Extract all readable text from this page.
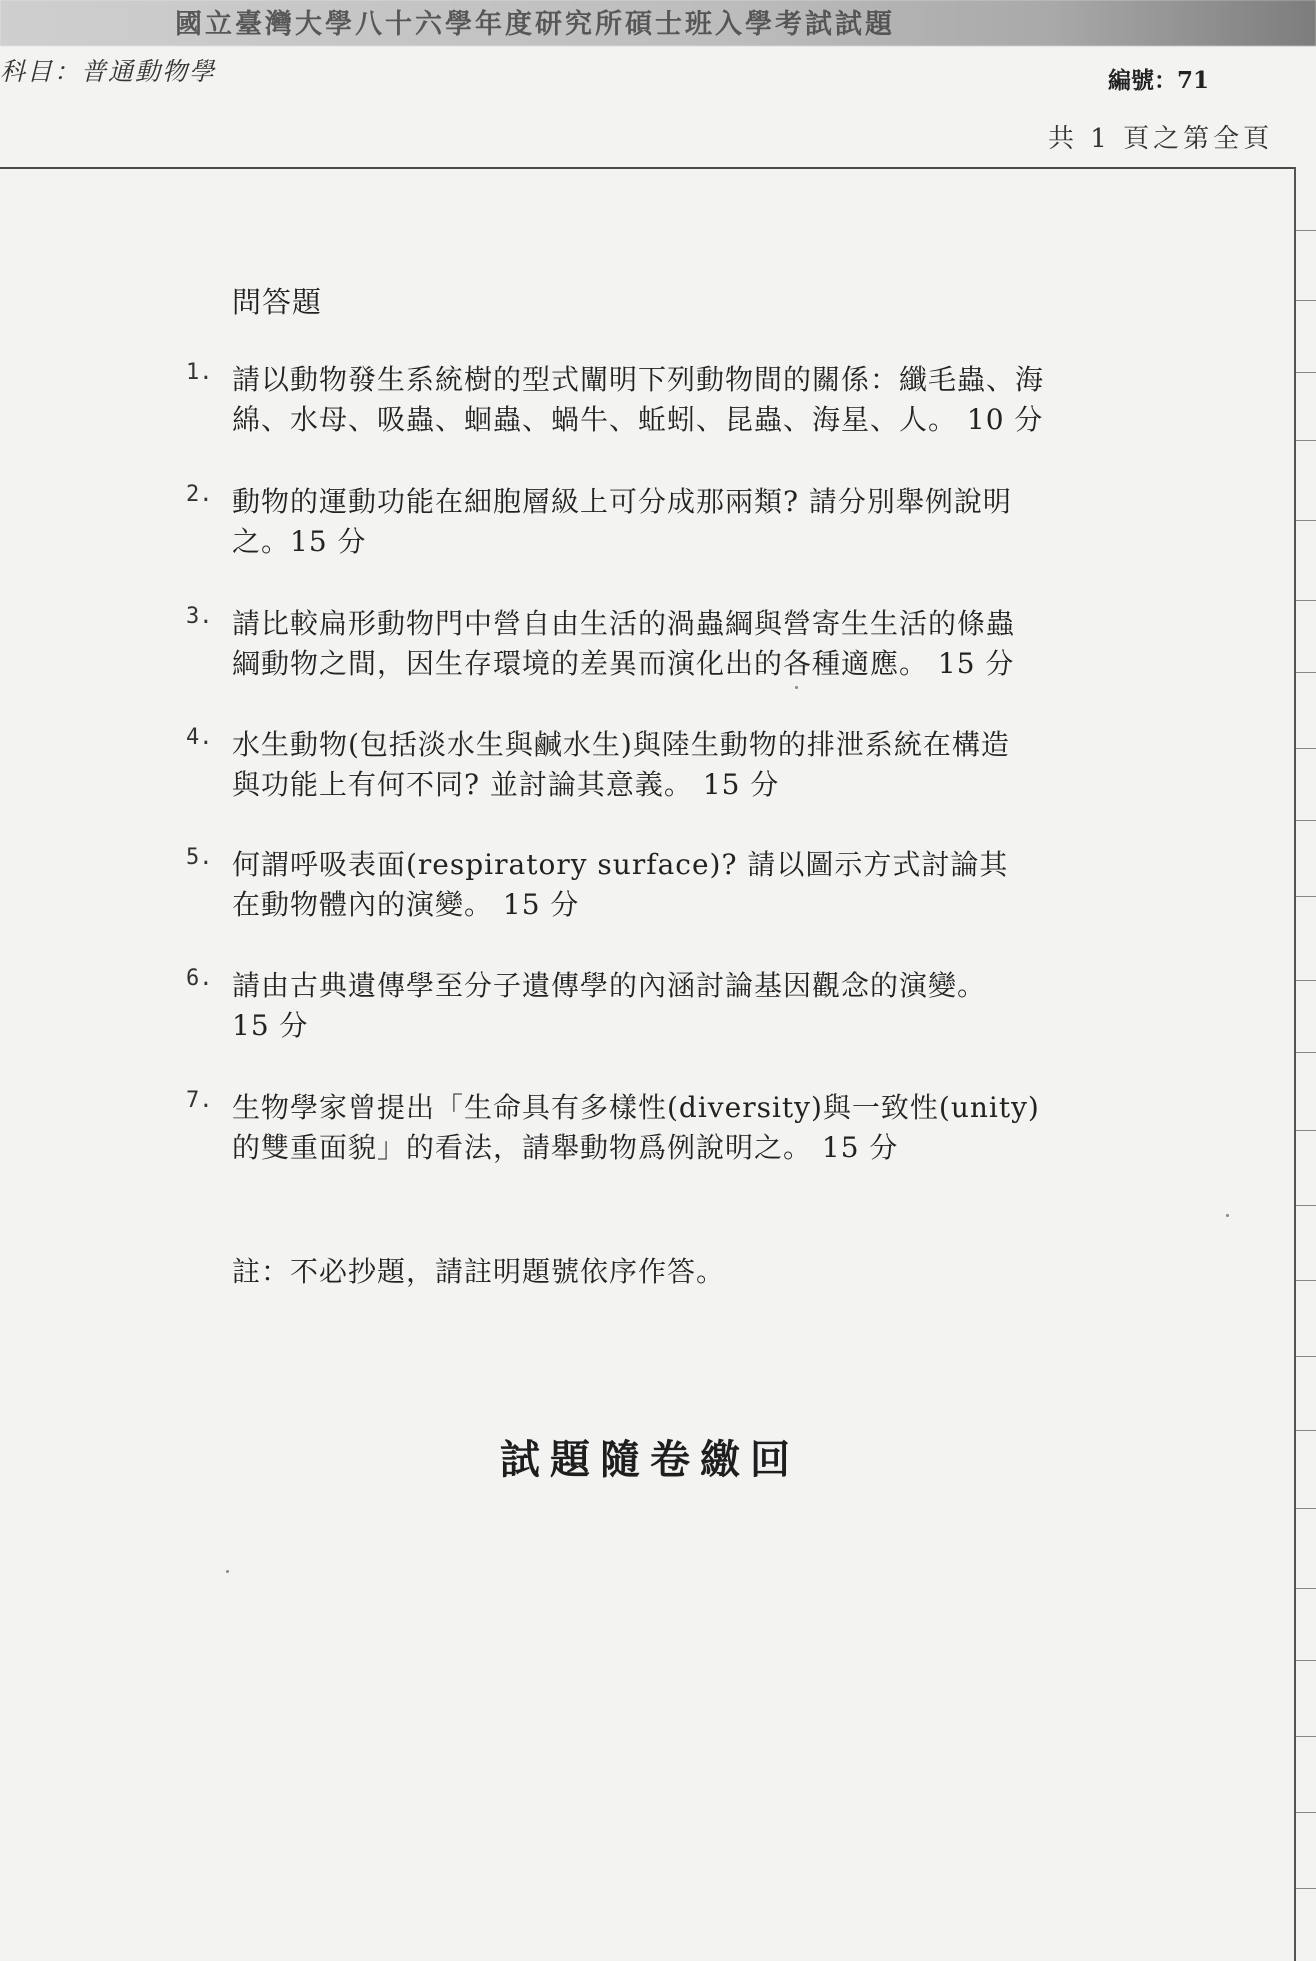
國立臺灣大學八十六學年度研究所碩士班入學考試試題
科目：普通動物學	編號：71
共 1 頁之第全頁
問答題
1. 請以動物發生系統樹的型式闡明下列動物間的關係：纖毛蟲、海
綿、水母、吸蟲、蛔蟲、蝸牛、蚯蚓、昆蟲、海星、人。 10 分
2. 動物的運動功能在細胞層級上可分成那兩類? 請分別舉例說明
之。15 分
3. 請比較扁形動物門中營自由生活的渦蟲綱與營寄生生活的條蟲
綱動物之間，因生存環境的差異而演化出的各種適應。 15 分
4. 水生動物(包括淡水生與鹹水生)與陸生動物的排泄系統在構造
與功能上有何不同? 並討論其意義。 15 分
5. 何謂呼吸表面(respiratory surface)? 請以圖示方式討論其
在動物體內的演變。 15 分
6. 請由古典遺傳學至分子遺傳學的內涵討論基因觀念的演變。
15 分
7. 生物學家曾提出「生命具有多樣性(diversity)與一致性(unity)
的雙重面貌」的看法，請舉動物爲例說明之。 15 分
註：不必抄題，請註明題號依序作答。
試題隨卷繳回
